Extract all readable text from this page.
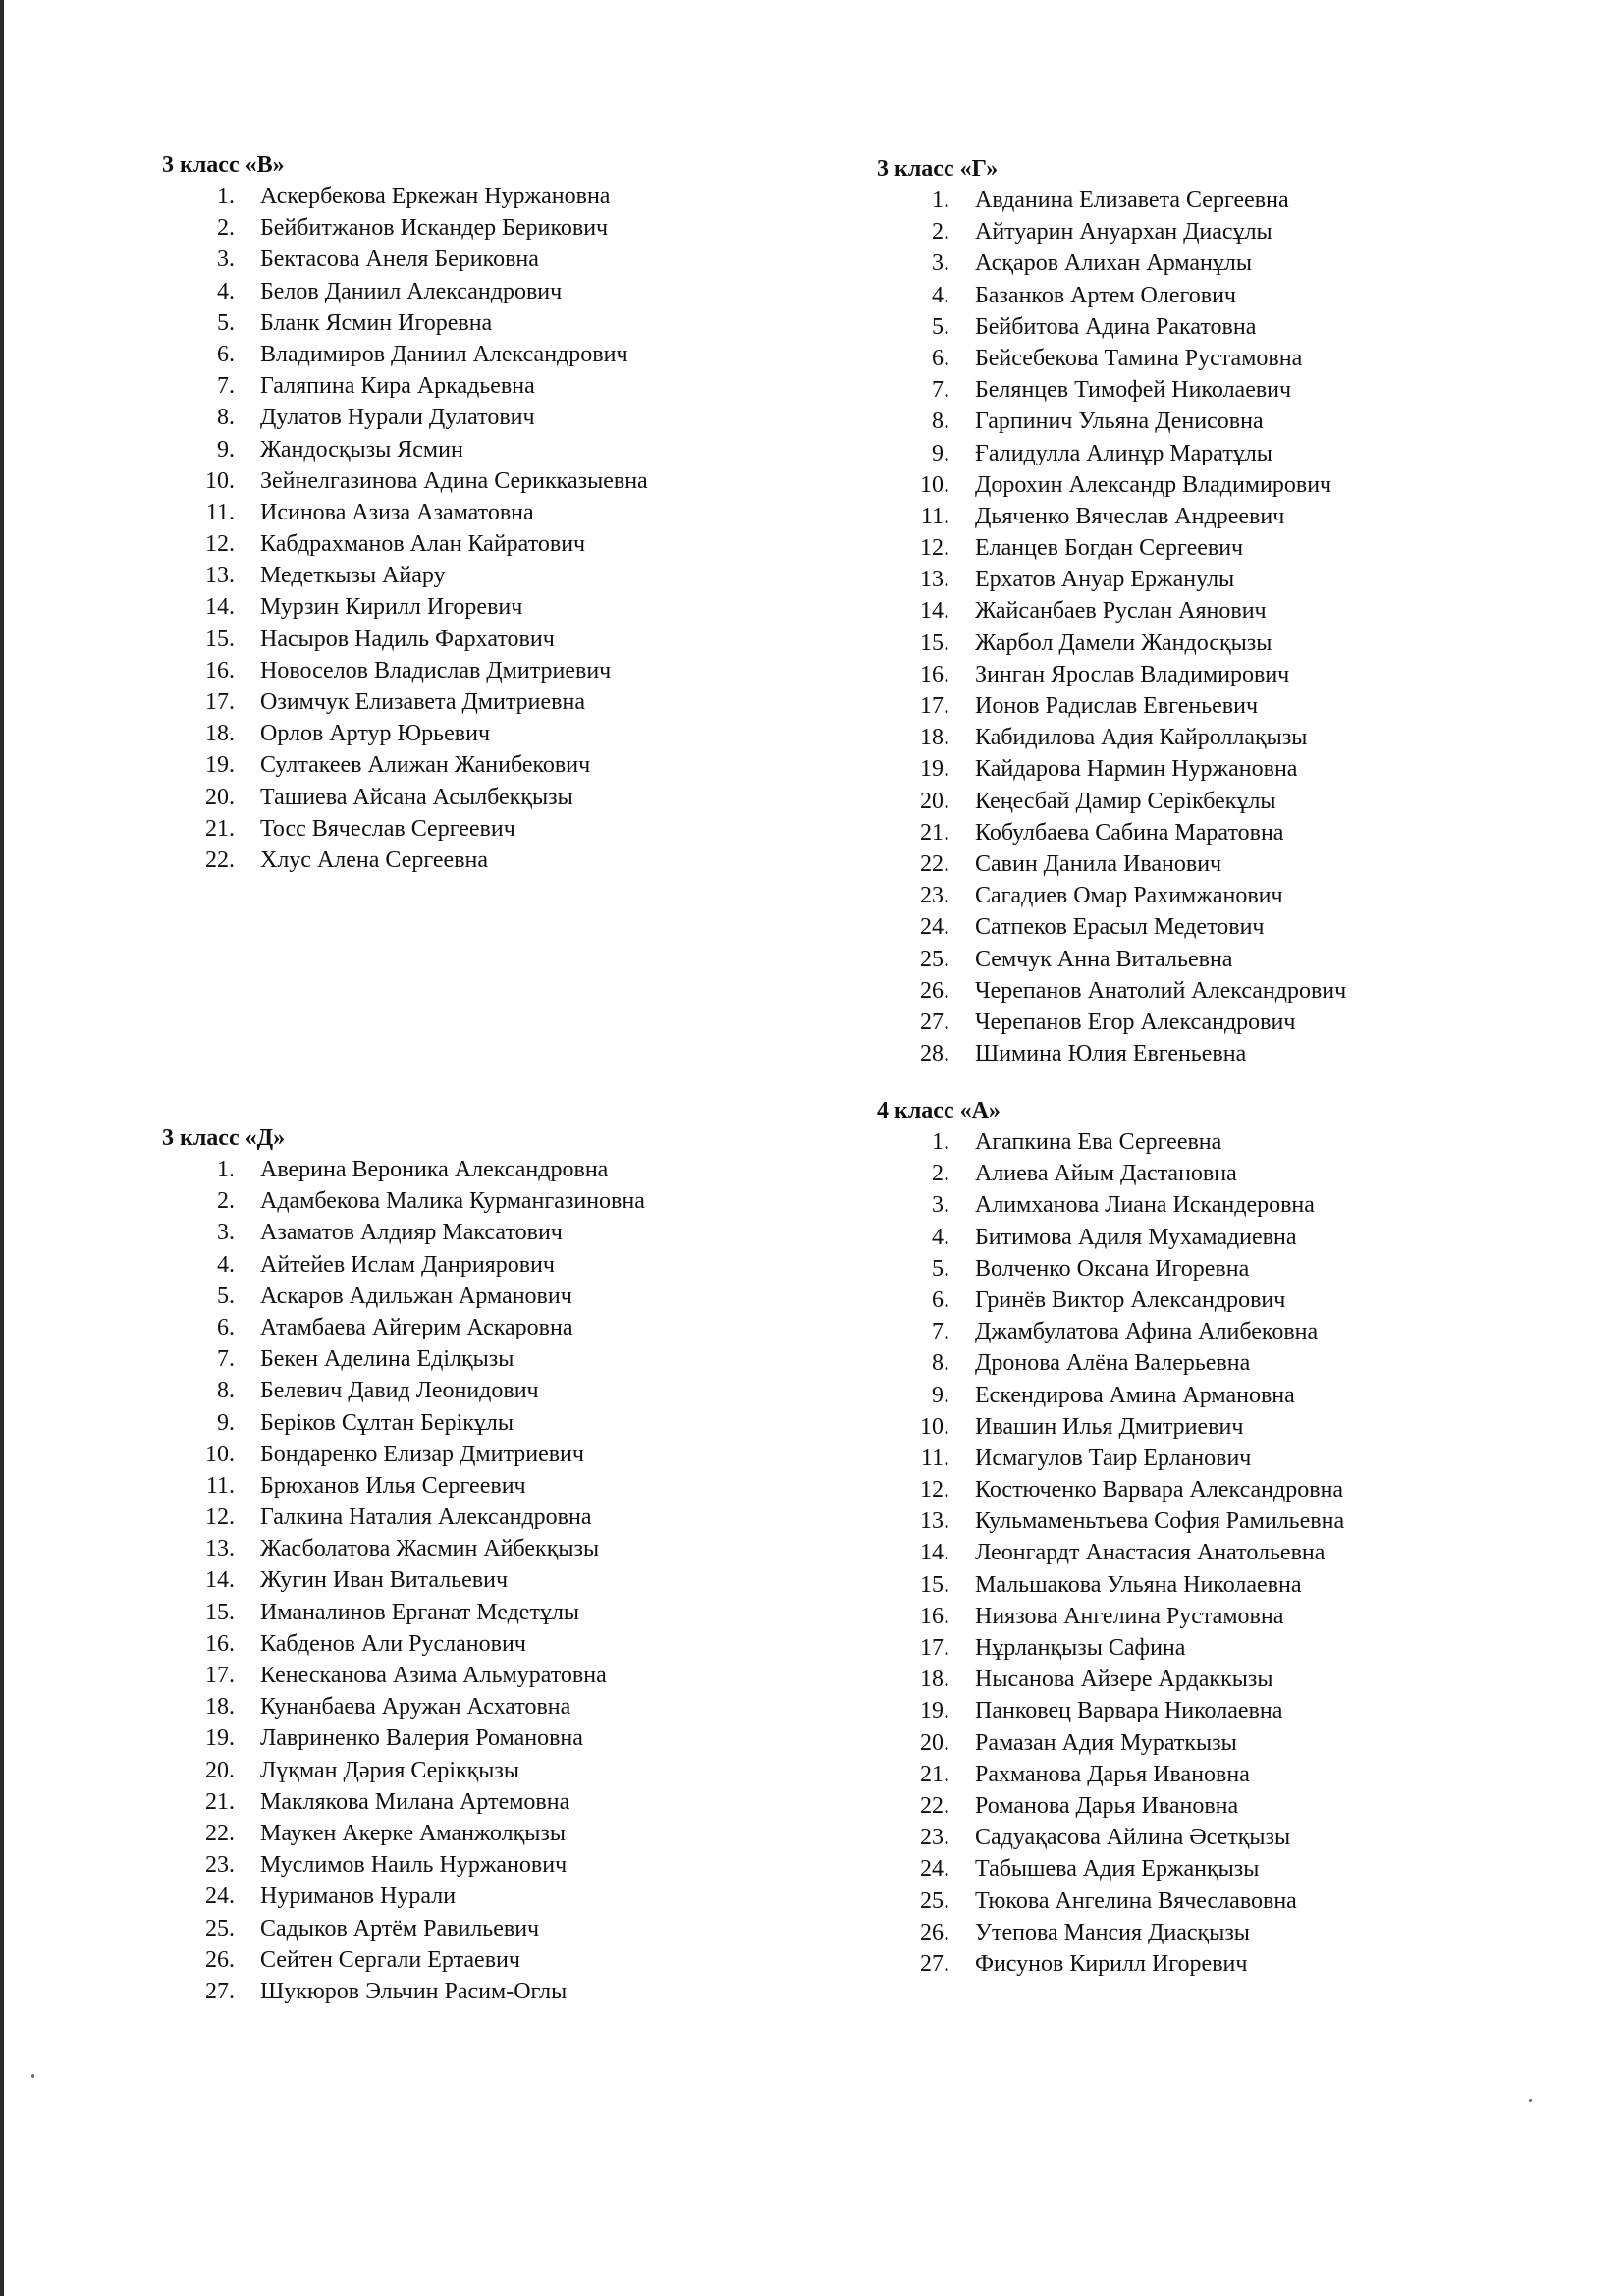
3 класс «В»
1. Аскербекова Еркежан Нуржановна
2. Бейбитжанов Искандер Берикович
3. Бектасова Анеля Бериковна
4. Белов Даниил Александрович
5. Бланк Ясмин Игоревна
6. Владимиров Даниил Александрович
7. Галяпина Кира Аркадьевна
8. Дулатов Нурали Дулатович
9. Жандосқызы Ясмин
10. Зейнелгазинова Адина Серикказыевна
11. Исинова Азиза Азаматовна
12. Кабдрахманов Алан Кайратович
13. Медеткызы Айару
14. Мурзин Кирилл Игоревич
15. Насыров Надиль Фархатович
16. Новоселов Владислав Дмитриевич
17. Озимчук Елизавета Дмитриевна
18. Орлов Артур Юрьевич
19. Султакеев Алижан Жанибекович
20. Ташиева Айсана Асылбекқызы
21. Тосс Вячеслав Сергеевич
22. Хлус Алена Сергеевна
3 класс «Г»
1. Авданина Елизавета Сергеевна
2. Айтуарин Ануархан Диасұлы
3. Асқаров Алихан Арманұлы
4. Базанков Артем Олегович
5. Бейбитова Адина Ракатовна
6. Бейсебекова Тамина Рустамовна
7. Белянцев Тимофей Николаевич
8. Гарпинич Ульяна Денисовна
9. Ғалидулла Алинұр Маратұлы
10. Дорохин Александр Владимирович
11. Дьяченко Вячеслав Андреевич
12. Еланцев Богдан Сергеевич
13. Ерхатов Ануар Ержанулы
14. Жайсанбаев Руслан Аянович
15. Жарбол Дамели Жандосқызы
16. Зинган Ярослав Владимирович
17. Ионов Радислав Евгеньевич
18. Кабидилова Адия Кайроллақызы
19. Кайдарова Нармин Нуржановна
20. Кеңесбай Дамир Серікбекұлы
21. Кобулбаева Сабина Маратовна
22. Савин Данила Иванович
23. Сагадиев Омар Рахимжанович
24. Сатпеков Ерасыл Медетович
25. Семчук Анна Витальевна
26. Черепанов Анатолий Александрович
27. Черепанов Егор Александрович
28. Шимина Юлия Евгеньевна
3 класс «Д»
1. Аверина Вероника Александровна
2. Адамбекова Малика Курмангазиновна
3. Азаматов Алдияр Максатович
4. Айтейев Ислам Данриярович
5. Аскаров Адильжан Арманович
6. Атамбаева Айгерим Аскаровна
7. Бекен Аделина Еділқызы
8. Белевич Давид Леонидович
9. Беріков Сұлтан Берікұлы
10. Бондаренко Елизар Дмитриевич
11. Брюханов Илья Сергеевич
12. Галкина Наталия Александровна
13. Жасболатова Жасмин Айбекқызы
14. Жугин Иван Витальевич
15. Иманалинов Ерганат Медетұлы
16. Кабденов Али Русланович
17. Кенесканова Азима Альмуратовна
18. Кунанбаева Аружан Асхатовна
19. Лавриненко Валерия Романовна
20. Лұқман Дәрия Серікқызы
21. Маклякова Милана Артемовна
22. Маукен Акерке Аманжолқызы
23. Муслимов Наиль Нуржанович
24. Нуриманов Нурали
25. Садыков Артём Равильевич
26. Сейтен Сергали Ертаевич
27. Шукюров Эльчин Расим-Оглы
4 класс «А»
1. Агапкина Ева Сергеевна
2. Алиева Айым Дастановна
3. Алимханова Лиана Искандеровна
4. Битимова Адиля Мухамадиевна
5. Волченко Оксана Игоревна
6. Гринёв Виктор Александрович
7. Джамбулатова Афина Алибековна
8. Дронова Алёна Валерьевна
9. Ескендирова Амина Армановна
10. Ивашин Илья Дмитриевич
11. Исмагулов Таир Ерланович
12. Костюченко Варвара Александровна
13. Кульмаменьтьева София Рамильевна
14. Леонгардт Анастасия Анатольевна
15. Мальшакова Ульяна Николаевна
16. Ниязова Ангелина Рустамовна
17. Нұрланқызы Сафина
18. Нысанова Айзере Ардаккызы
19. Панковец Варвара Николаевна
20. Рамазан Адия Мураткызы
21. Рахманова Дарья Ивановна
22. Романова Дарья Ивановна
23. Садуақасова Айлина Әсетқызы
24. Табышева Адия Ержанқызы
25. Тюкова Ангелина Вячеславовна
26. Утепова Мансия Диасқызы
27. Фисунов Кирилл Игоревич
